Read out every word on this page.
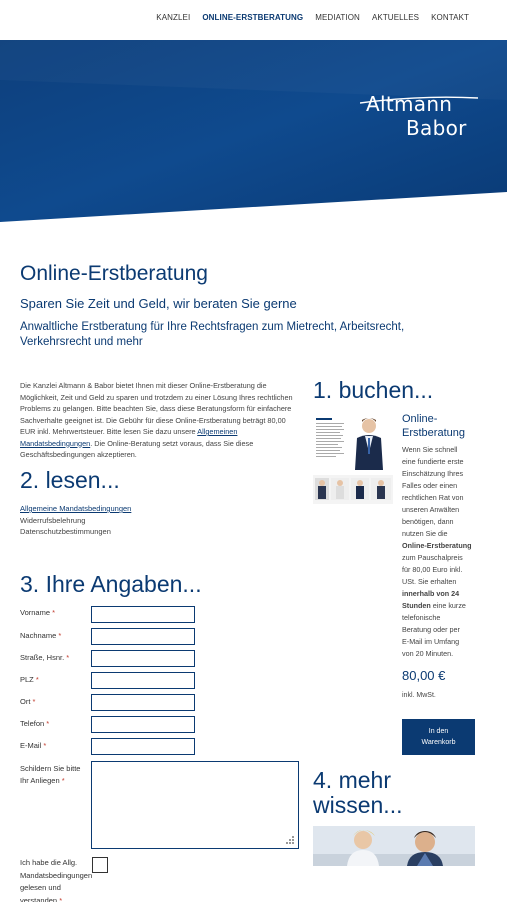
KANZLEI ONLINE-ERSTBERATUNG MEDIATION AKTUELLES KONTAKT
Altmann
Babor
Online-Erstberatung
Sparen Sie Zeit und Geld, wir beraten Sie gerne
Anwaltliche Erstberatung für Ihre Rechtsfragen zum Mietrecht, Arbeitsrecht, Verkehrsrecht und mehr

Die Kanzlei Altmann & Babor bietet Ihnen mit dieser Online-Erstberatung die Möglichkeit, Zeit und Geld zu sparen und trotzdem zu einer Lösung Ihres rechtlichen Problems zu gelangen. Bitte beachten Sie, dass diese Beratungsform für einfachere Sachverhalte geeignet ist. Die Gebühr für diese Online-Erstberatung beträgt 80,00 EUR inkl. Mehrwertsteuer. Bitte lesen Sie dazu unsere Allgemeinen Mandatsbedingungen. Die Online-Beratung setzt voraus, dass Sie diese Geschäftsbedingungen akzeptieren.

2. lesen...
Allgemeine Mandatsbedingungen
Widerrufsbelehrung
Datenschutzbestimmungen
3. Ihre Angaben...
Vorname *
Nachname *
Straße, Hsnr. *
PLZ *
Ort *
Telefon *
E-Mail *
Schildern Sie bitte
Ihr Anliegen *
Ich habe die Allg.
Mandatsbedingungen
gelesen und
verstanden *
1. buchen...
Online-
Erstberatung
Wenn Sie schnell
eine fundierte erste
Einschätzung Ihres
Falles oder einen
rechtlichen Rat von
unseren Anwälten
benötigen, dann
nutzen Sie die
Online-Erstberatung
zum Pauschalpreis
für 80,00 Euro inkl.
USt. Sie erhalten
innerhalb von 24
Stunden eine kurze
telefonische
Beratung oder per
E-Mail im Umfang
von 20 Minuten.
80,00 €
inkl. MwSt.
In den
Warenkorb
4. mehr
wissen...
